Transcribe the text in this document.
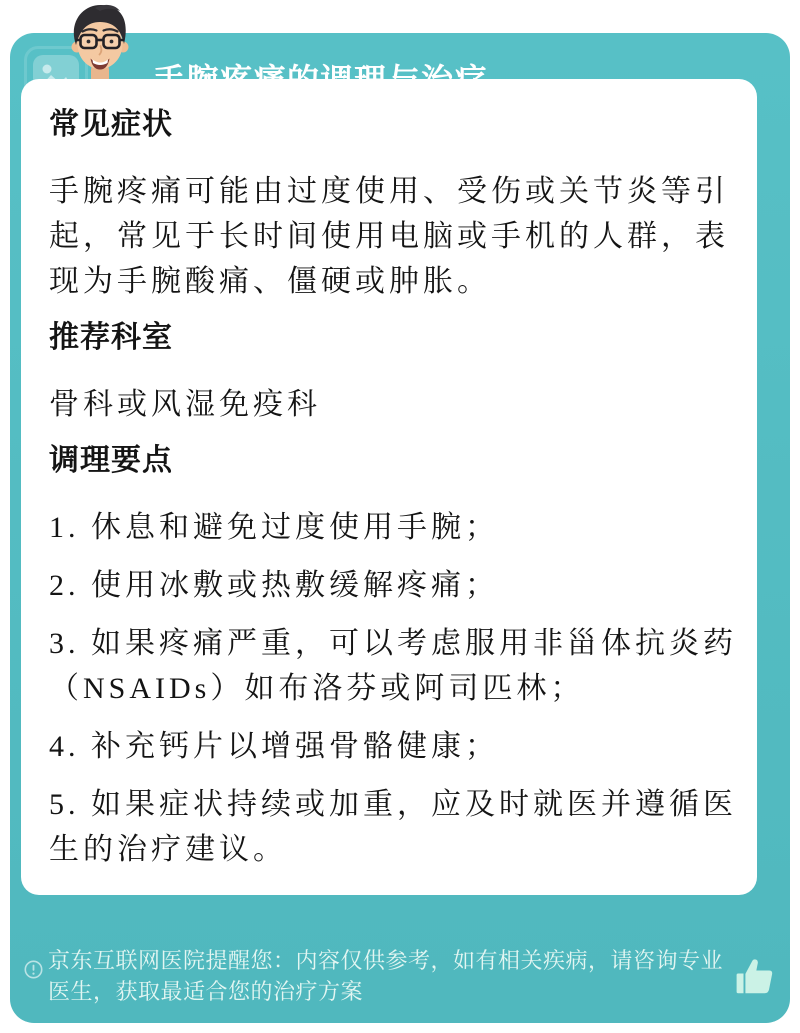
京东互联网医院提醒您：内容仅供参考，如有相关疾病，请咨询专业医生，获取最适合您的治疗方案
常见症状

手腕疼痛可能由过度使用、受伤或关节炎等引起，常见于长时间使用电脑或手机的人群，表现为手腕酸痛、僵硬或肿胀。

推荐科室

骨科或风湿免疫科

调理要点

1. 休息和避免过度使用手腕；

2. 使用冰敷或热敷缓解疼痛；

3. 如果疼痛严重，可以考虑服用非甾体抗炎药（NSAIDs）如布洛芬或阿司匹林；

4. 补充钙片以增强骨骼健康；

5. 如果症状持续或加重，应及时就医并遵循医生的治疗建议。
